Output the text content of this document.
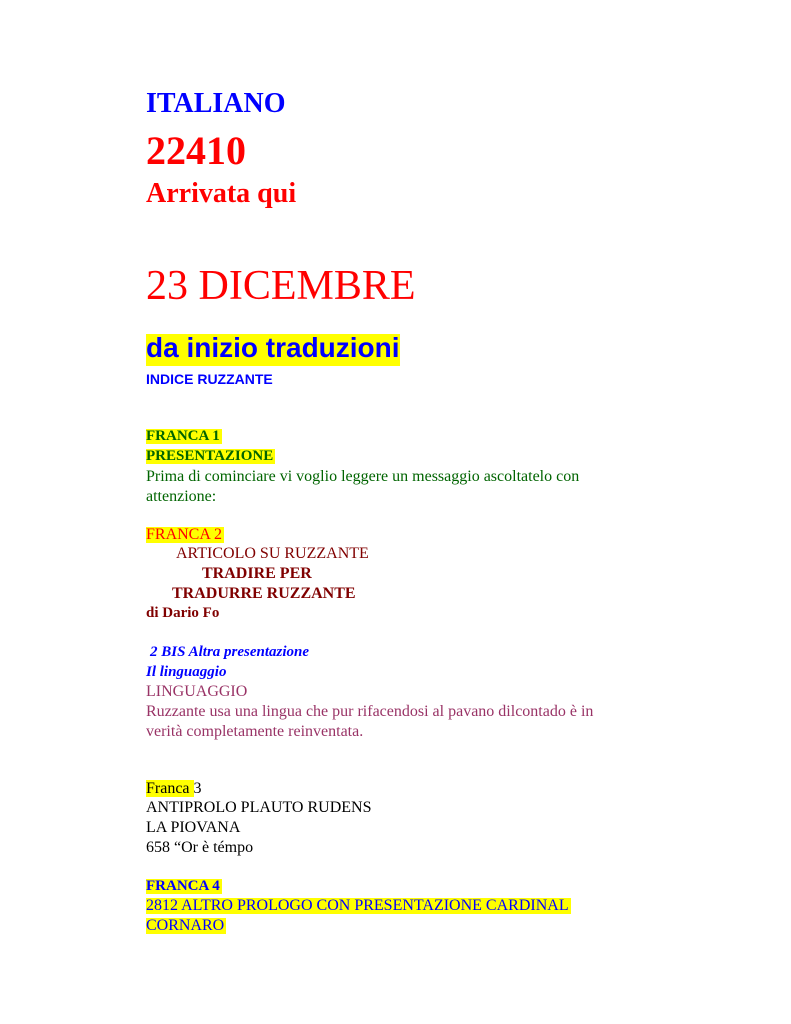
ITALIANO
22410
Arrivata qui
23 DICEMBRE
da inizio traduzioni
INDICE RUZZANTE
FRANCA 1
PRESENTAZIONE
Prima di cominciare vi voglio leggere un messaggio ascoltatelo con
attenzione:
FRANCA 2
ARTICOLO SU RUZZANTE
TRADIRE PER
TRADURRE RUZZANTE
di Dario Fo
2 BIS Altra presentazione
Il linguaggio
LINGUAGGIO
Ruzzante usa una lingua che pur rifacendosi al pavano dilcontado è in
verità completamente reinventata.
Franca 3
ANTIPROLO PLAUTO RUDENS
LA PIOVANA
658 “Or è témpo
FRANCA 4
2812 ALTRO PROLOGO CON PRESENTAZIONE CARDINAL
CORNARO
